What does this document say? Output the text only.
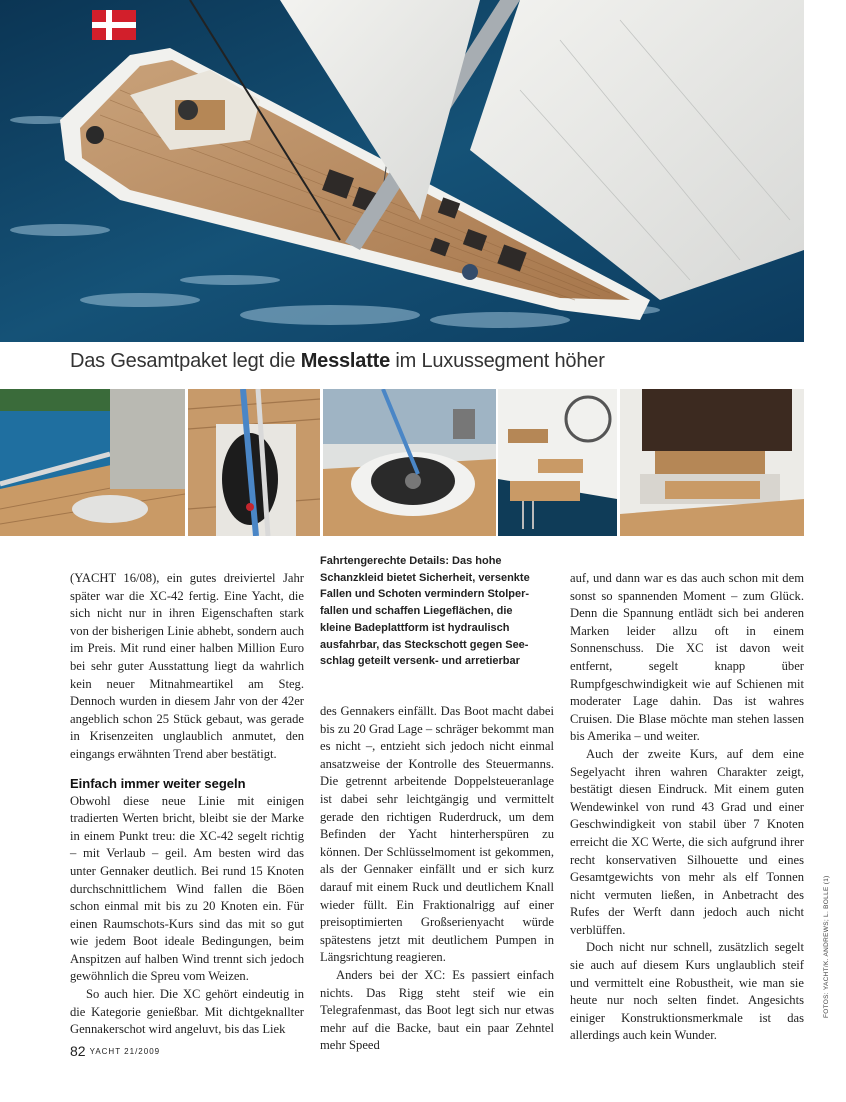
Das Gesamtpaket legt die Messlatte im Luxussegment höher

Fahrtengerechte Details: Das hohe

Schanzkleid bietet Sicherheit, versenkte

Fallen und Schoten vermindern Stolper-

fallen und schaffen Liegeflächen, die

kleine Badeplattform ist hydraulisch

ausfahrbar, das Steckschott gegen See-

schlag geteilt versenk- und arretierbar

(YACHT 16/08), ein gutes dreiviertel Jahr später war die XC-42 fertig. Eine Yacht, die sich nicht nur in ihren Eigenschaften stark von der bisherigen Linie abhebt, sondern auch im Preis. Mit rund einer halben Million Euro bei sehr guter Ausstattung liegt da wahrlich kein neuer Mitnahmeartikel am Steg. Dennoch wurden in diesem Jahr von der 42er angeblich schon 25 Stück gebaut, was gerade in Krisenzeiten unglaublich anmutet, den eingangs erwähnten Trend aber bestätigt.

Einfach immer weiter segeln

Obwohl diese neue Linie mit einigen tradierten Werten bricht, bleibt sie der Marke in einem Punkt treu: die XC-42 segelt richtig – mit Verlaub – geil. Am besten wird das unter Gennaker deutlich. Bei rund 15 Knoten durchschnittlichem Wind fallen die Böen schon einmal mit bis zu 20 Knoten ein. Für einen Raumschots-Kurs sind das mit so gut wie jedem Boot ideale Bedingungen, beim Anspitzen auf halben Wind trennt sich jedoch gewöhnlich die Spreu vom Weizen.

So auch hier. Die XC gehört eindeutig in die Kategorie genießbar. Mit dichtgeknallter Gennakerschot wird angeluvt, bis das Liek

des Gennakers einfällt. Das Boot macht dabei bis zu 20 Grad Lage – schräger bekommt man es nicht –, entzieht sich jedoch nicht einmal ansatzweise der Kontrolle des Steuermanns. Die getrennt arbeitende Doppelsteueranlage ist dabei sehr leichtgängig und vermittelt gerade den richtigen Ruderdruck, um dem Befinden der Yacht hinterherspüren zu können. Der Schlüsselmoment ist gekommen, als der Gennaker einfällt und er sich kurz darauf mit einem Ruck und deutlichem Knall wieder füllt. Ein Fraktionalrigg auf einer preisoptimierten Großserienyacht würde spätestens jetzt mit deutlichem Pumpen in Längsrichtung reagieren.

Anders bei der XC: Es passiert einfach nichts. Das Rigg steht steif wie ein Telegrafenmast, das Boot legt sich nur etwas mehr auf die Backe, baut ein paar Zehntel mehr Speed

auf, und dann war es das auch schon mit dem sonst so spannenden Moment – zum Glück. Denn die Spannung entlädt sich bei anderen Marken leider allzu oft in einem Sonnenschuss. Die XC ist davon weit entfernt, segelt knapp über Rumpfgeschwindigkeit wie auf Schienen mit moderater Lage dahin. Das ist wahres Cruisen. Die Blase möchte man stehen lassen bis Amerika – und weiter.

Auch der zweite Kurs, auf dem eine Segelyacht ihren wahren Charakter zeigt, bestätigt diesen Eindruck. Mit einem guten Wendewinkel von rund 43 Grad und einer Geschwindigkeit von stabil über 7 Knoten erreicht die XC Werte, die sich aufgrund ihrer recht konservativen Silhouette und eines Gesamtgewichts von mehr als elf Tonnen nicht vermuten ließen, in Anbetracht des Rufes der Werft dann jedoch auch nicht verblüffen.

Doch nicht nur schnell, zusätzlich segelt sie auch auf diesem Kurs unglaublich steif und vermittelt eine Robustheit, wie man sie heute nur noch selten findet. Angesichts einiger Konstruktionsmerkmale ist das allerdings auch kein Wunder.

82 YACHT 21/2009
FOTOS: YACHT/K. ANDREWS; L. BOLLE (1)
